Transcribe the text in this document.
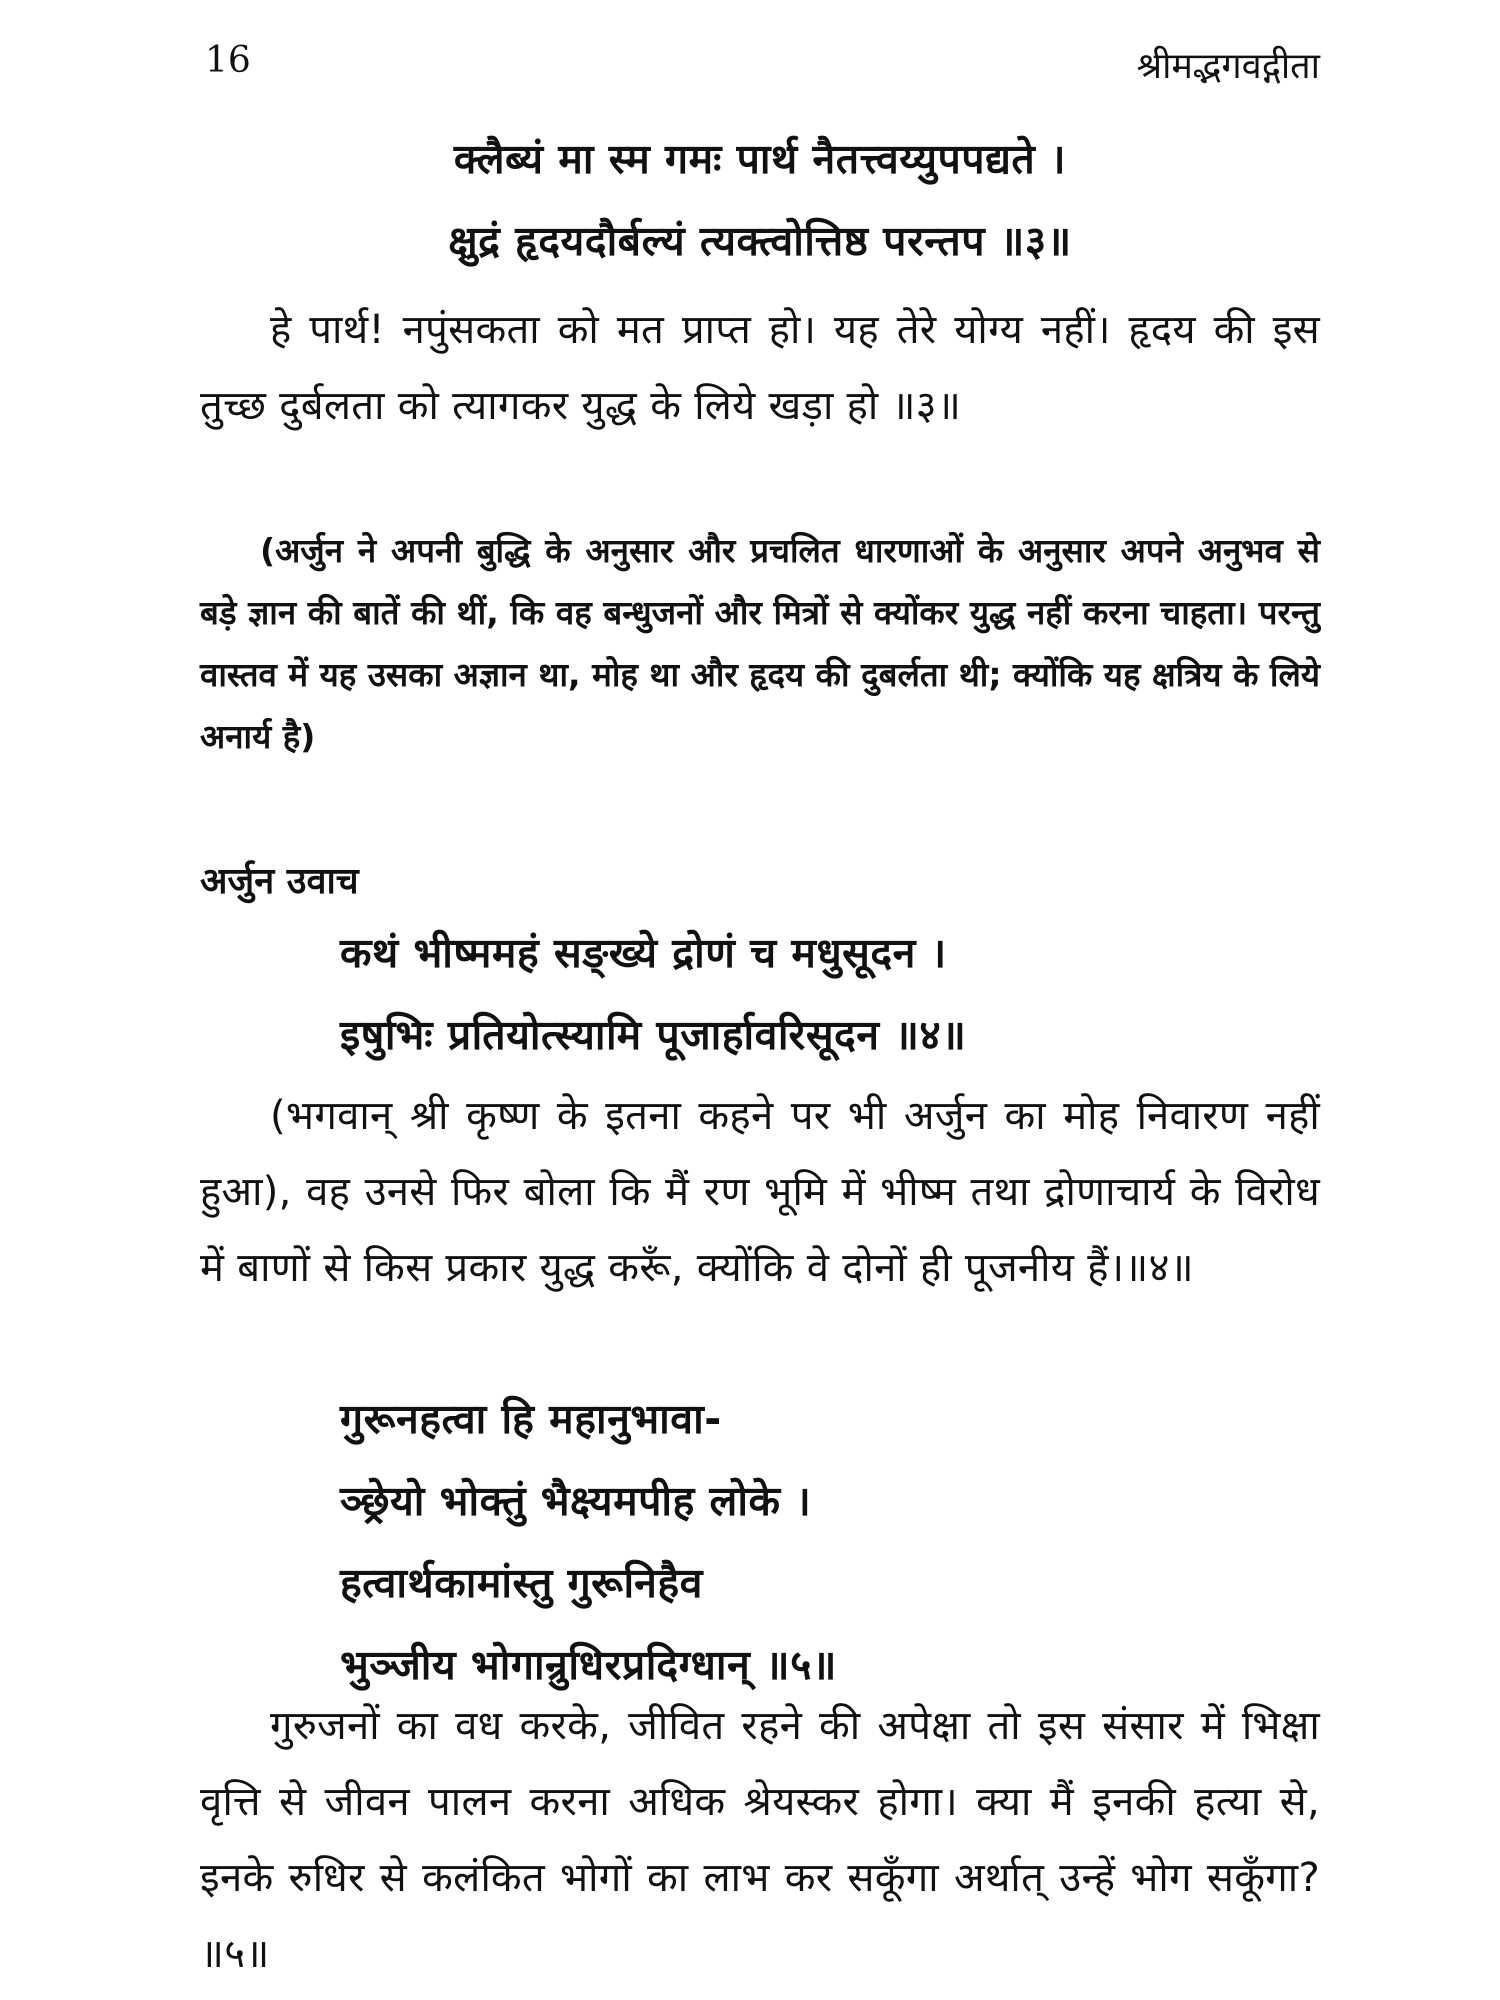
16	श्रीमद्भगवद्गीता
क्लैब्यं मा स्म गमः पार्थ नैतत्त्वय्युपपद्यते ।
क्षुद्रं हृदयदौर्बल्यं त्यक्त्वोत्तिष्ठ परन्तप ॥३॥
हे पार्थ! नपुंसकता को मत प्राप्त हो। यह तेरे योग्य नहीं। हृदय की इस तुच्छ दुर्बलता को त्यागकर युद्ध के लिये खड़ा हो ॥३॥
(अर्जुन ने अपनी बुद्धि के अनुसार और प्रचलित धारणाओं के अनुसार अपने अनुभव से बड़े ज्ञान की बातें की थीं, कि वह बन्धुजनों और मित्रों से क्योंकर युद्ध नहीं करना चाहता। परन्तु वास्तव में यह उसका अज्ञान था, मोह था और हृदय की दुबर्लता थी; क्योंकि यह क्षत्रिय के लिये अनार्य है)
अर्जुन उवाच
कथं भीष्ममहं सङ्ख्ये द्रोणं च मधुसूदन ।
इषुभिः प्रतियोत्स्यामि पूजार्हावरिसूदन ॥४॥
(भगवान् श्री कृष्ण के इतना कहने पर भी अर्जुन का मोह निवारण नहीं हुआ), वह उनसे फिर बोला कि मैं रण भूमि में भीष्म तथा द्रोणाचार्य के विरोध में बाणों से किस प्रकार युद्ध करूँ, क्योंकि वे दोनों ही पूजनीय हैं।॥४॥
गुरूनहत्वा हि महानुभावा-
ञ्छ्रेयो भोक्तुं भैक्ष्यमपीह लोके ।
हत्वार्थकामांस्तु गुरूनिहैव
भुञ्जीय भोगान्रुधिरप्रदिग्धान् ॥५॥
गुरुजनों का वध करके, जीवित रहने की अपेक्षा तो इस संसार में भिक्षा वृत्ति से जीवन पालन करना अधिक श्रेयस्कर होगा। क्या मैं इनकी हत्या से, इनके रुधिर से कलंकित भोगों का लाभ कर सकूँगा अर्थात् उन्हें भोग सकूँगा? ॥५॥
